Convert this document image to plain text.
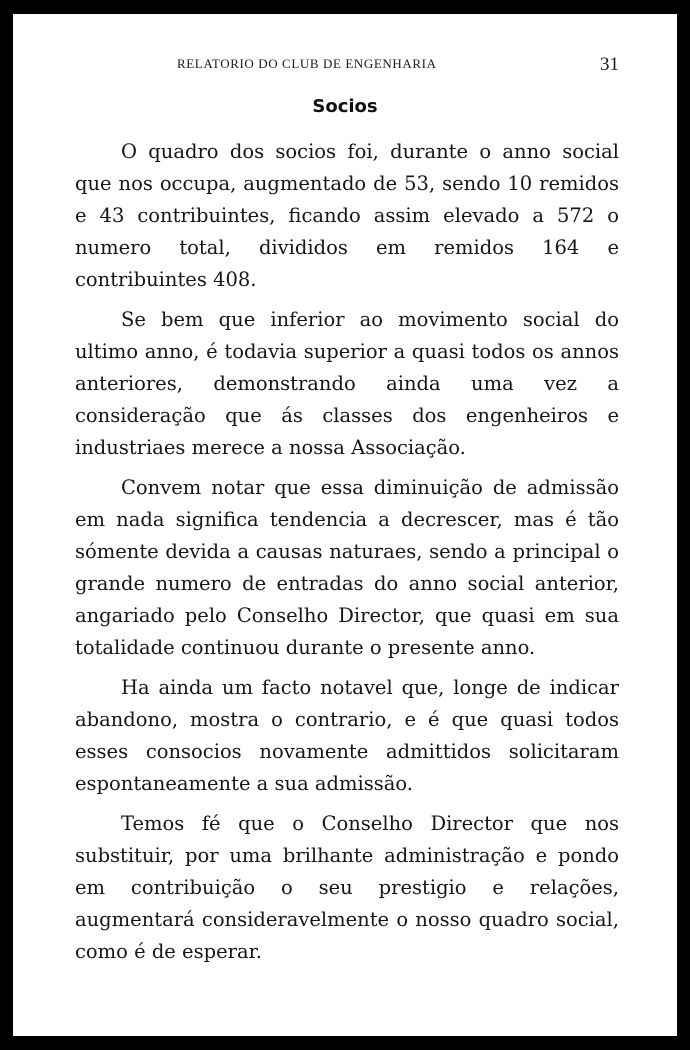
RELATORIO DO CLUB DE ENGENHARIA	31
Socios

O quadro dos socios foi, durante o anno social que nos occupa, augmentado de 53, sendo 10 remidos e 43 contribuintes, ficando assim elevado a 572 o numero total, divididos em remidos 164 e contribuintes 408.

Se bem que inferior ao movimento social do ultimo anno, é todavia superior a quasi todos os annos anteriores, demonstrando ainda uma vez a consideração que ás classes dos engenheiros e industriaes merece a nossa Associação.

Convem notar que essa diminuição de admissão em nada significa tendencia a decrescer, mas é tão sómente devida a causas naturaes, sendo a principal o grande numero de entradas do anno social anterior, angariado pelo Conselho Director, que quasi em sua totalidade continuou durante o presente anno.

Ha ainda um facto notavel que, longe de indicar abandono, mostra o contrario, e é que quasi todos esses consocios novamente admittidos solicitaram espontaneamente a sua admissão.

Temos fé que o Conselho Director que nos substituir, por uma brilhante administração e pondo em contribuição o seu prestigio e relações, augmentará consideravelmente o nosso quadro social, como é de esperar.
